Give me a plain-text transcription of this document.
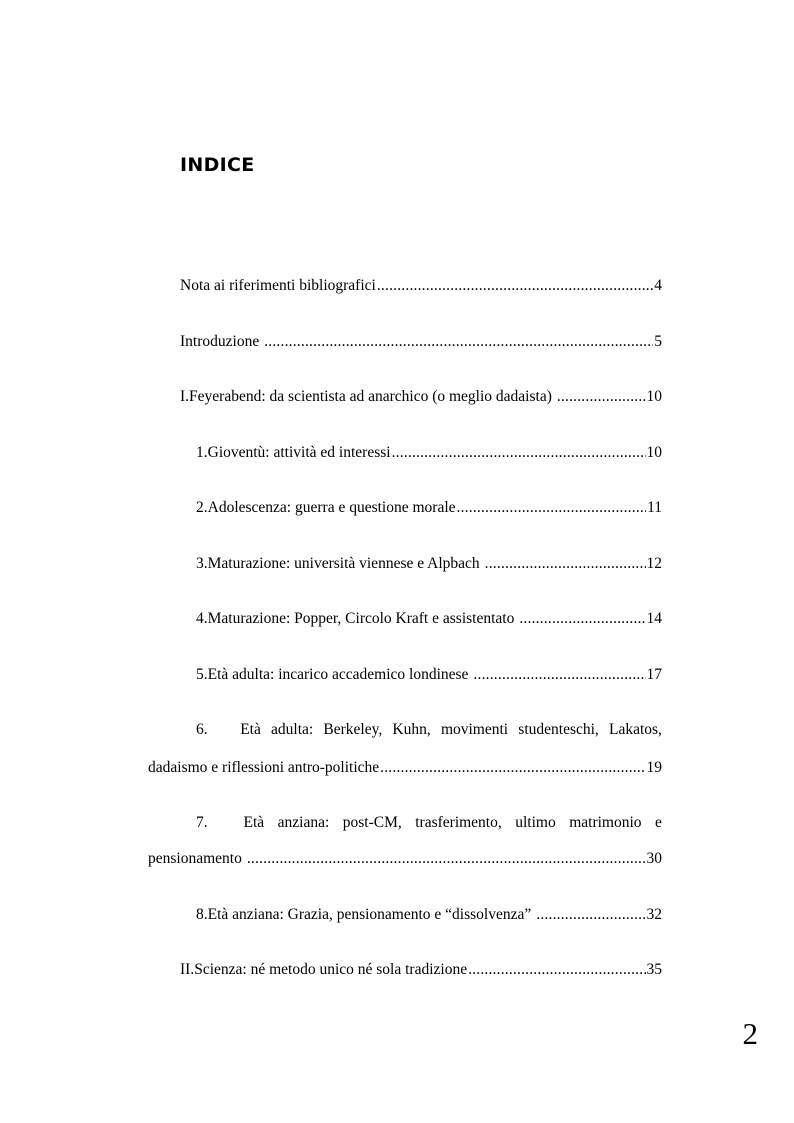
INDICE
Nota ai riferimenti bibliografici .....	4
Introduzione .....	5
I. Feyerabend: da scientista ad anarchico (o meglio dadaista) .....	10
1. Gioventù: attività ed interessi .....	10
2. Adolescenza: guerra e questione morale .....	11
3. Maturazione: università viennese e Alpbach .....	12
4. Maturazione: Popper, Circolo Kraft e assistentato .....	14
5. Età adulta: incarico accademico londinese .....	17
6.	Età adulta: Berkeley, Kuhn, movimenti studenteschi, Lakatos,
dadaismo e riflessioni antro-politiche .....	19
7.	Età anziana: post-CM, trasferimento, ultimo matrimonio e
pensionamento .....	30
8. Età anziana: Grazia, pensionamento e “dissolvenza” .....	32
II. Scienza: né metodo unico né sola tradizione .....	35
2
